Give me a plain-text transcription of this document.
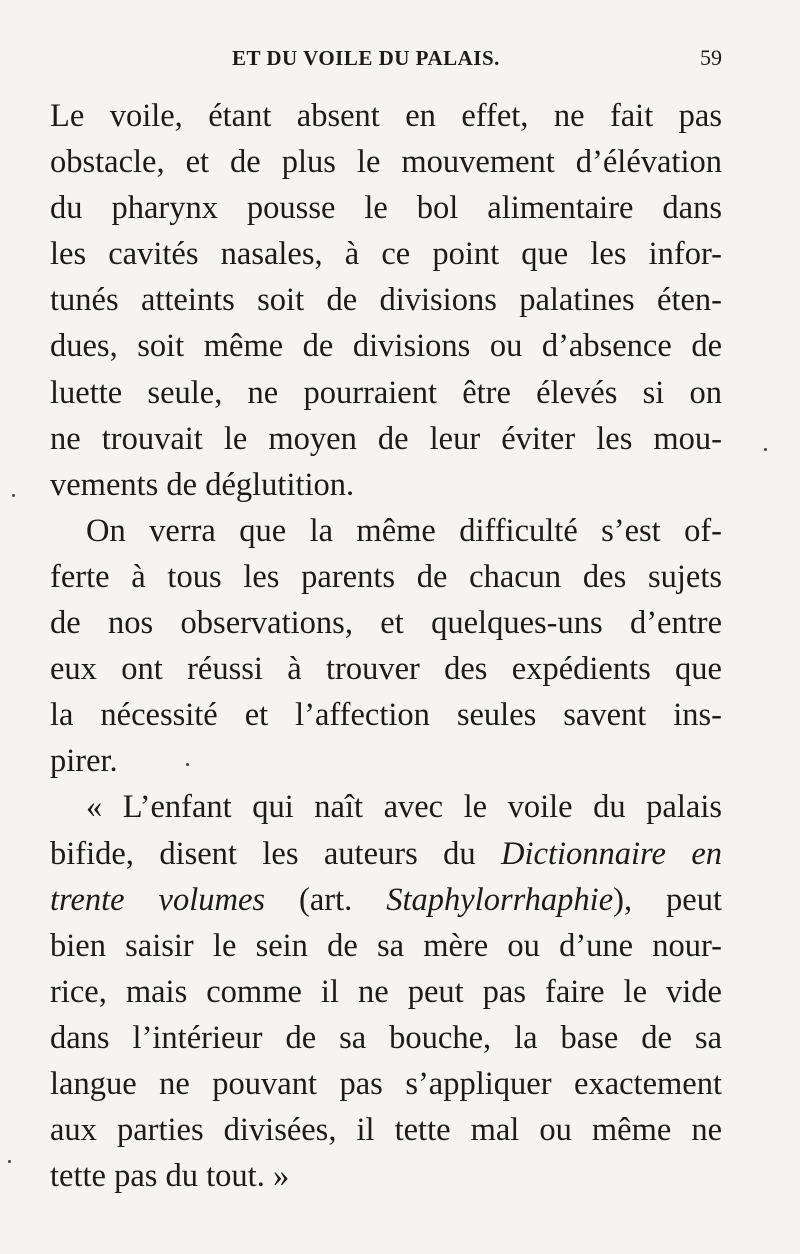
ET DU VOILE DU PALAIS.	59
Le voile, étant absent en effet, ne fait pas
obstacle, et de plus le mouvement d’élévation
du pharynx pousse le bol alimentaire dans
les cavités nasales, à ce point que les infor-
tunés atteints soit de divisions palatines éten-
dues, soit même de divisions ou d’absence de
luette seule, ne pourraient être élevés si on
ne trouvait le moyen de leur éviter les mou-
vements de déglutition.
On verra que la même difficulté s’est of-
ferte à tous les parents de chacun des sujets
de nos observations, et quelques-uns d’entre
eux ont réussi à trouver des expédients que
la nécessité et l’affection seules savent ins-
pirer.
« L’enfant qui naît avec le voile du palais
bifide, disent les auteurs du Dictionnaire en
trente volumes (art. Staphylorrhaphie), peut
bien saisir le sein de sa mère ou d’une nour-
rice, mais comme il ne peut pas faire le vide
dans l’intérieur de sa bouche, la base de sa
langue ne pouvant pas s’appliquer exactement
aux parties divisées, il tette mal ou même ne
tette pas du tout. »
